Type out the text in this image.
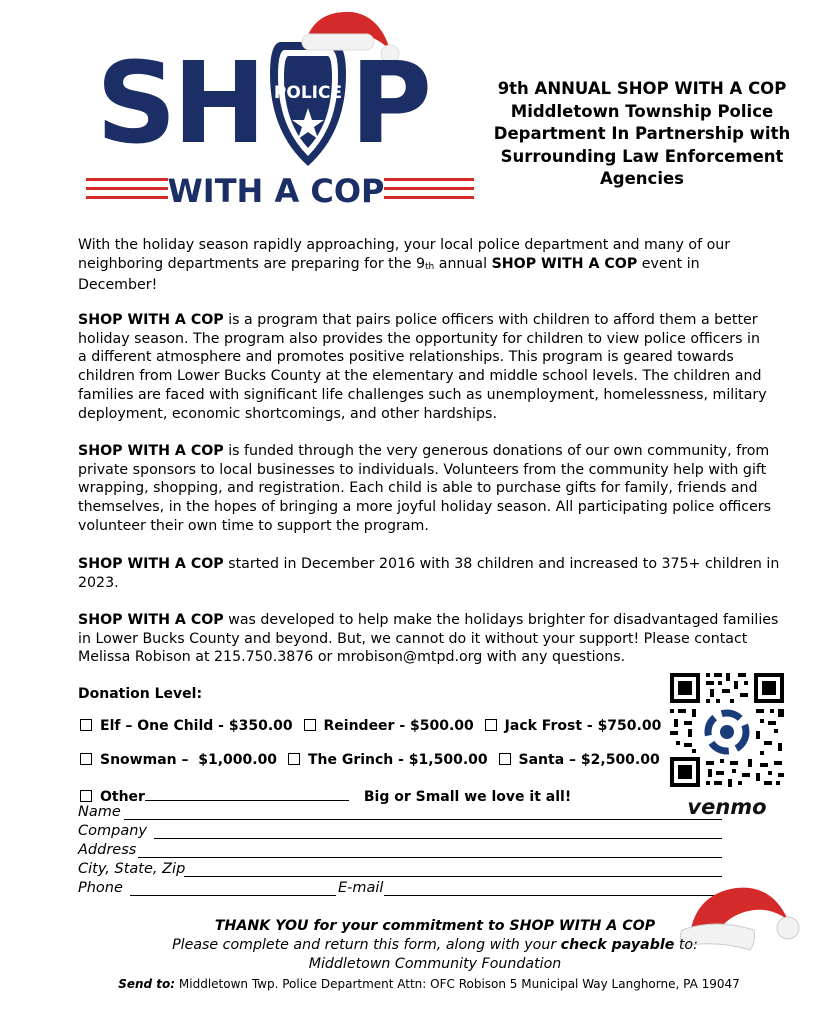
SH POLICE P
WITH A COP
9th ANNUAL SHOP WITH A COP
Middletown Township Police
Department In Partnership with
Surrounding Law Enforcement
Agencies
With the holiday season rapidly approaching, your local police department and many of our
neighboring departments are preparing for the 9th annual SHOP WITH A COP event in
December!
SHOP WITH A COP is a program that pairs police officers with children to afford them a better
holiday season. The program also provides the opportunity for children to view police officers in
a different atmosphere and promotes positive relationships. This program is geared towards
children from Lower Bucks County at the elementary and middle school levels. The children and
families are faced with significant life challenges such as unemployment, homelessness, military
deployment, economic shortcomings, and other hardships.
SHOP WITH A COP is funded through the very generous donations of our own community, from
private sponsors to local businesses to individuals. Volunteers from the community help with gift
wrapping, shopping, and registration. Each child is able to purchase gifts for family, friends and
themselves, in the hopes of bringing a more joyful holiday season. All participating police officers
volunteer their own time to support the program.
SHOP WITH A COP started in December 2016 with 38 children and increased to 375+ children in
2023.
SHOP WITH A COP was developed to help make the holidays brighter for disadvantaged families
in Lower Bucks County and beyond. But, we cannot do it without your support! Please contact
Melissa Robison at 215.750.3876 or mrobison@mtpd.org with any questions.
Donation Level:
Elf – One Child - $350.00 Reindeer - $500.00 Jack Frost - $750.00
Snowman –  $1,000.00 The Grinch - $1,500.00 Santa – $2,500.00
Other	Big or Small we love it all!
Name
Company
Address
City, State, Zip
Phone	E-mail
venmo
THANK YOU for your commitment to SHOP WITH A COP
Please complete and return this form, along with your check payable to:
Middletown Community Foundation
Send to: Middletown Twp. Police Department Attn: OFC Robison 5 Municipal Way Langhorne, PA 19047
